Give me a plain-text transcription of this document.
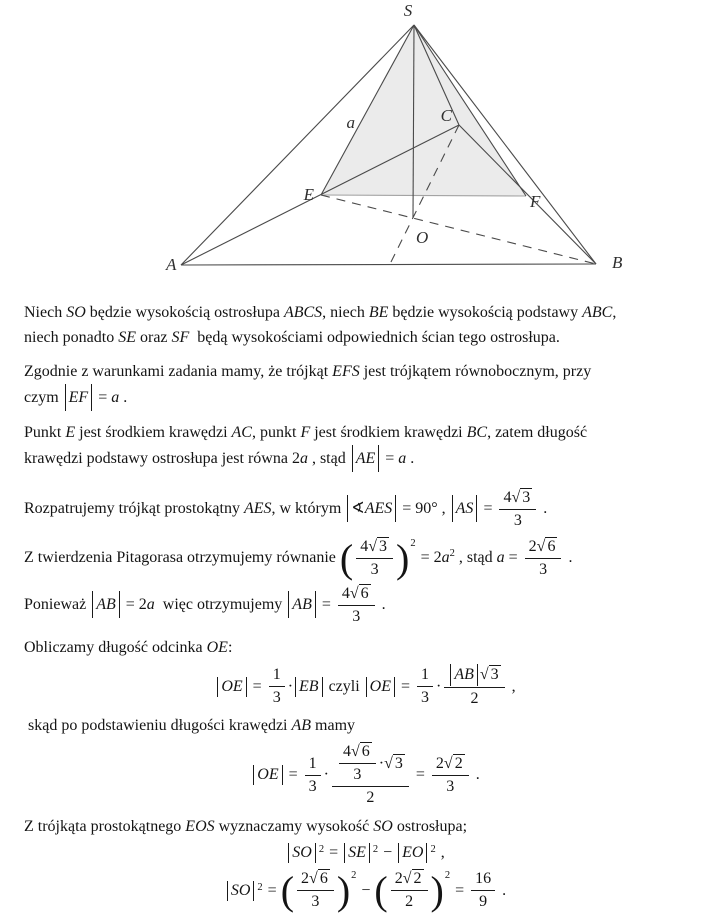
S
A	B
C
E	F
O
a

Niech SO będzie wysokością ostrosłupa ABCS, niech BE będzie wysokością podstawy ABC,
niech ponadto SE oraz SF  będą wysokościami odpowiednich ścian tego ostrosłupa.

Zgodnie z warunkami zadania mamy, że trójkąt EFS jest trójkątem równobocznym, przy
czym EF = a .

Punkt E jest środkiem krawędzi AC, punkt F jest środkiem krawędzi BC, zatem długość
krawędzi podstawy ostrosłupa jest równa 2a , stąd AE = a .

Rozpatrujemy trójkąt prostokątny AES, w którym ∢ AES = 90° , AS = $\frac{4 √ 3}{3}$ .

Z twierdzenia Pitagorasa otrzymujemy równanie ( $\frac{4 √ 3}{3}$ ) 2
= $2a^2$ , stąd $a = \frac{2 √ 6}{3}$ .

Ponieważ AB = 2a  więc otrzymujemy AB = $\frac{4 √ 6}{3}$ .

Obliczamy długość odcinka OE:

OE = $\frac{1}{3}$ · EB czyli OE = $\frac{1}{3} \cdot \frac{AB √ 3}{2}$ ,

skąd po podstawieniu długości krawędzi AB mamy

OE = $\frac{1}{3} \cdot \frac{\frac{4 √ 6}{3} \cdot √ 3}{2} = \frac{2 √ 2}{3}$ .

Z trójkąta prostokątnego EOS wyznaczamy wysokość SO ostrosłupa;

SO 2 = SE 2 − EO 2 ,
SO 2 = ( $\frac{2 √ 6}{3}$ ) 2
− ( $\frac{2 √ 2}{2}$ ) 2
= $\frac{16}{9}$ .
